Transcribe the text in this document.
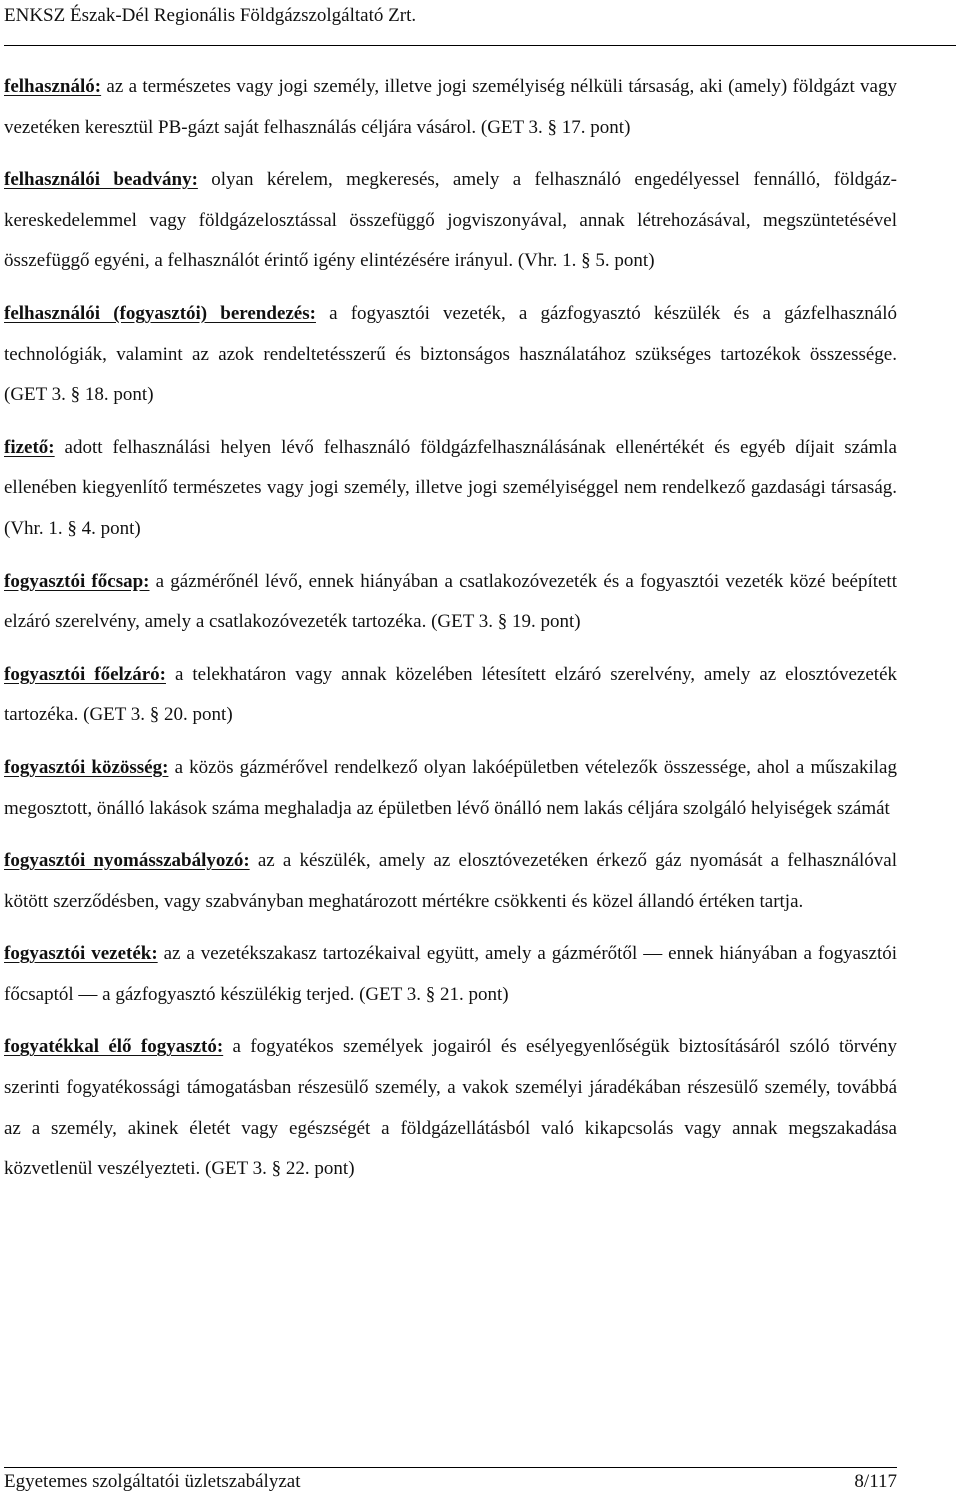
ENKSZ Észak-Dél Regionális Földgázszolgáltató Zrt.

felhasználó: az a természetes vagy jogi személy, illetve jogi személyiség nélküli társaság, aki (amely) földgázt vagy vezetéken keresztül PB-gázt saját felhasználás céljára vásárol. (GET 3. § 17. pont)

felhasználói beadvány: olyan kérelem, megkeresés, amely a felhasználó engedélyessel fennálló, földgáz-kereskedelemmel vagy földgázelosztással összefüggő jogviszonyával, annak létrehozásával, megszüntetésével összefüggő egyéni, a felhasználót érintő igény elintézésére irányul. (Vhr. 1. § 5. pont)

felhasználói (fogyasztói) berendezés: a fogyasztói vezeték, a gázfogyasztó készülék és a gázfelhasználó technológiák, valamint az azok rendeltetésszerű és biztonságos használatához szükséges tartozékok összessége. (GET 3. § 18. pont)

fizető: adott felhasználási helyen lévő felhasználó földgázfelhasználásának ellenértékét és egyéb díjait számla ellenében kiegyenlítő természetes vagy jogi személy, illetve jogi személyiséggel nem rendelkező gazdasági társaság. (Vhr. 1. § 4. pont)

fogyasztói főcsap: a gázmérőnél lévő, ennek hiányában a csatlakozóvezeték és a fogyasztói vezeték közé beépített elzáró szerelvény, amely a csatlakozóvezeték tartozéka. (GET 3. § 19. pont)

fogyasztói főelzáró: a telekhatáron vagy annak közelében létesített elzáró szerelvény, amely az elosztóvezeték tartozéka. (GET 3. § 20. pont)

fogyasztói közösség: a közös gázmérővel rendelkező olyan lakóépületben vételezők összessége, ahol a műszakilag megosztott, önálló lakások száma meghaladja az épületben lévő önálló nem lakás céljára szolgáló helyiségek számát

fogyasztói nyomásszabályozó: az a készülék, amely az elosztóvezetéken érkező gáz nyomását a felhasználóval kötött szerződésben, vagy szabványban meghatározott mértékre csökkenti és közel állandó értéken tartja.

fogyasztói vezeték: az a vezetékszakasz tartozékaival együtt, amely a gázmérőtől ― ennek hiányában a fogyasztói főcsaptól ― a gázfogyasztó készülékig terjed. (GET 3. § 21. pont)

fogyatékkal élő fogyasztó: a fogyatékos személyek jogairól és esélyegyenlőségük biztosításáról szóló törvény szerinti fogyatékossági támogatásban részesülő személy, a vakok személyi járadékában részesülő személy, továbbá az a személy, akinek életét vagy egészségét a földgázellátásból való kikapcsolás vagy annak megszakadása közvetlenül veszélyezteti. (GET 3. § 22. pont)

Egyetemes szolgáltatói üzletszabályzat	8/117
